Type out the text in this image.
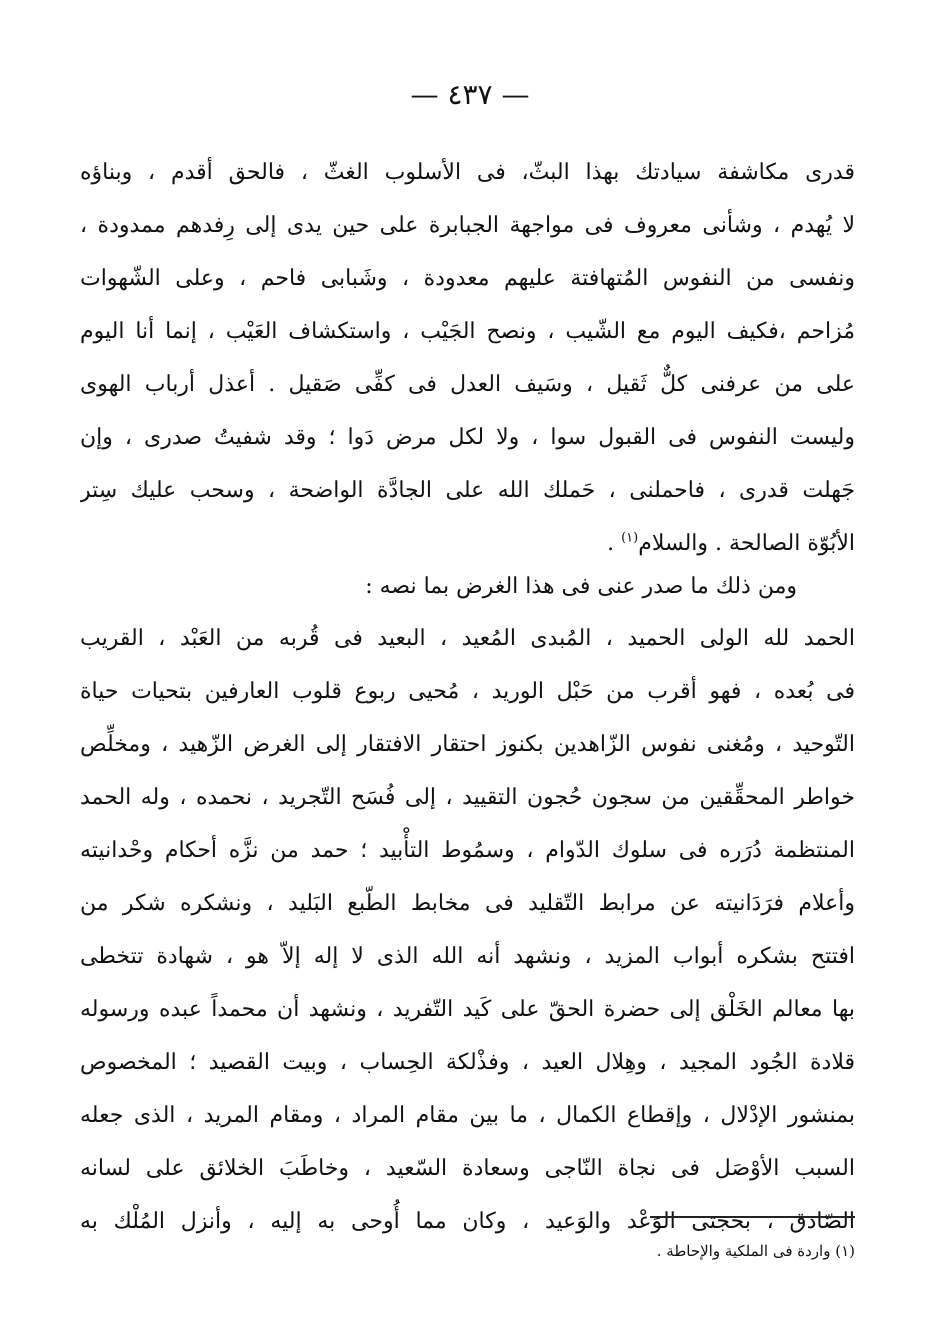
— ٤٣٧ —
قدرى مكاشفة سيادتك بهذا البثّ، فى الأسلوب الغثّ ، فالحق أقدم ، وبناؤه
لا يُهدم ، وشأنى معروف فى مواجهة الجبابرة على حين يدى إلى رِفدهم ممدودة ،
ونفسى من النفوس المُتهافتة عليهم معدودة ، وشَبابى فاحم ، وعلى الشّهوات
مُزاحم ،فكيف اليوم مع الشّيب ، ونصح الجَيْب ، واستكشاف العَيْب ، إنما أنا اليوم
على من عرفنى كلٌّ ثَقيل ، وسَيف العدل فى كفِّى صَقيل . أعذل أرباب الهوى
وليست النفوس فى القبول سوا ، ولا لكل مرض دَوا ؛ وقد شفيتُ صدرى ، وإن
جَهلت قدرى ، فاحملنى ، حَملك الله على الجادَّة الواضحة ، وسحب عليك سِتر
الأبُوّة الصالحة . والسلام$^{(١)}$ .
ومن ذلك ما صدر عنى فى هذا الغرض بما نصه :
الحمد لله الولى الحميد ، المُبدى المُعيد ، البعيد فى قُربه من العَبْد ، القريب
فى بُعده ، فهو أقرب من حَبْل الوريد ، مُحيى ربوع قلوب العارفين بتحيات حياة
التّوحيد ، ومُغنى نفوس الزّاهدين بكنوز احتقار الافتقار إلى الغرض الزّهيد ، ومخلِّص
خواطر المحقِّقين من سجون حُجون التقييد ، إلى فُسَح التّجريد ، نحمده ، وله الحمد
المنتظمة دُرَره فى سلوك الدّوام ، وسمُوط التأْبيد ؛ حمد من نزَّه أحكام وحْدانيته
وأعلام فرَدَانيته عن مرابط التّقليد فى مخابط الطّبع البَليد ، ونشكره شكر من
افتتح بشكره أبواب المزيد ، ونشهد أنه الله الذى لا إله إلاّ هو ، شهادة تتخطى
بها معالم الخَلْق إلى حضرة الحقّ على كَيد التّفريد ، ونشهد أن محمداً عبده ورسوله
قلادة الجُود المجيد ، وهِلال العيد ، وفذْلكة الحِساب ، وبيت القصيد ؛ المخصوص
بمنشور الإدْلال ، وإقطاع الكمال ، ما بين مقام المراد ، ومقام المريد ، الذى جعله
السبب الأوْصَل فى نجاة النّاجى وسعادة السّعيد ، وخاطَبَ الخلائق على لسانه
الصّادق ، بحجتى الوَعْد والوَعيد ، وكان مما أُوحى به إليه ، وأنزل المُلْك به
(١) واردة فى الملكية والإحاطة .
